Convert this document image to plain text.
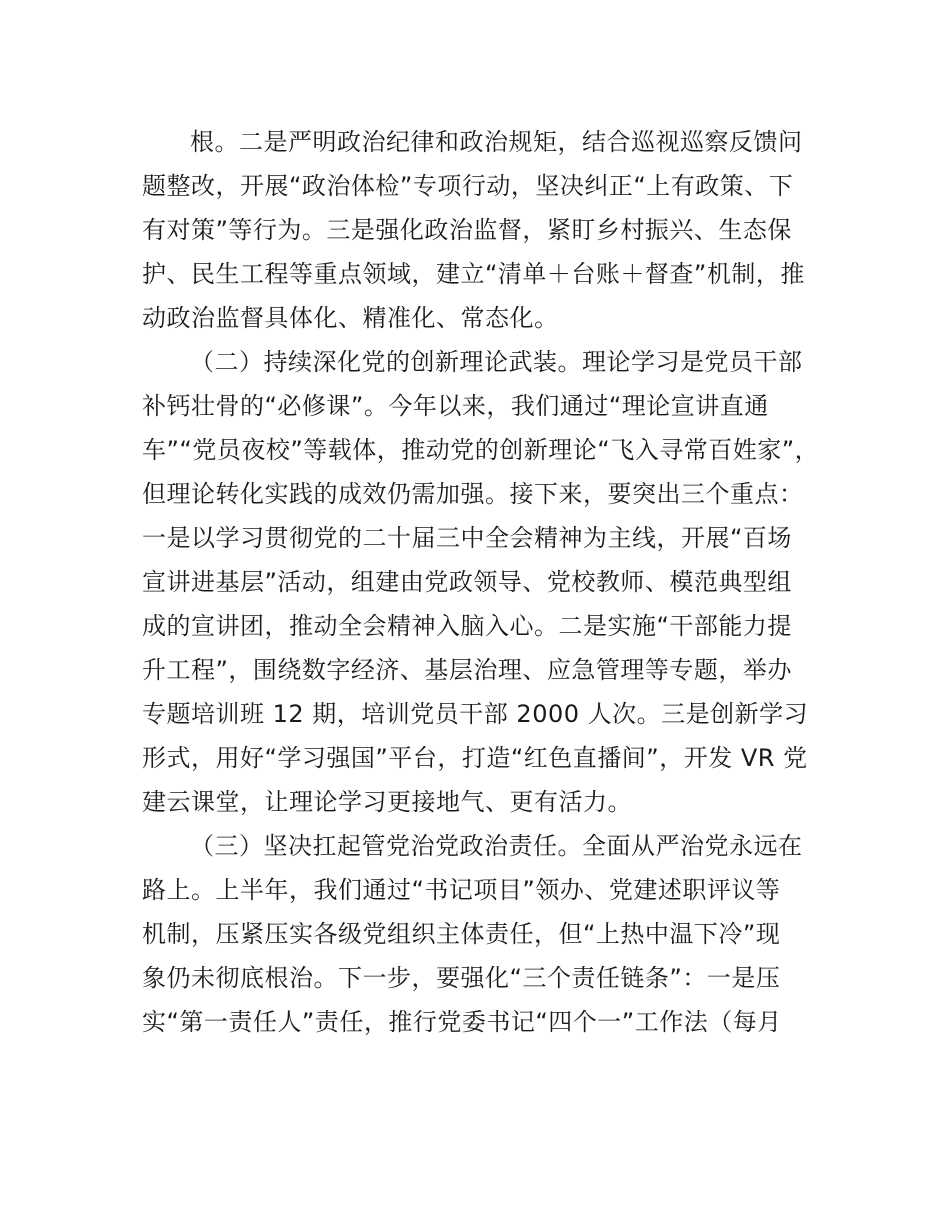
根。二是严明政治纪律和政治规矩，结合巡视巡察反馈问
题整改，开展“政治体检”专项行动，坚决纠正“上有政策、下
有对策”等行为。三是强化政治监督，紧盯乡村振兴、生态保
护、民生工程等重点领域，建立“清单＋台账＋督查”机制，推
动政治监督具体化、精准化、常态化。
（二）持续深化党的创新理论武装。理论学习是党员干部
补钙壮骨的“必修课”。今年以来，我们通过“理论宣讲直通
车”“党员夜校”等载体，推动党的创新理论“飞入寻常百姓家”，
但理论转化实践的成效仍需加强。接下来，要突出三个重点：
一是以学习贯彻党的二十届三中全会精神为主线，开展“百场
宣讲进基层”活动，组建由党政领导、党校教师、模范典型组
成的宣讲团，推动全会精神入脑入心。二是实施“干部能力提
升工程”，围绕数字经济、基层治理、应急管理等专题，举办
专题培训班 12 期，培训党员干部 2000 人次。三是创新学习
形式，用好“学习强国”平台，打造“红色直播间”，开发 VR 党
建云课堂，让理论学习更接地气、更有活力。
（三）坚决扛起管党治党政治责任。全面从严治党永远在
路上。上半年，我们通过“书记项目”领办、党建述职评议等
机制，压紧压实各级党组织主体责任，但“上热中温下冷”现
象仍未彻底根治。下一步，要强化“三个责任链条”：一是压
实“第一责任人”责任，推行党委书记“四个一”工作法（每月
